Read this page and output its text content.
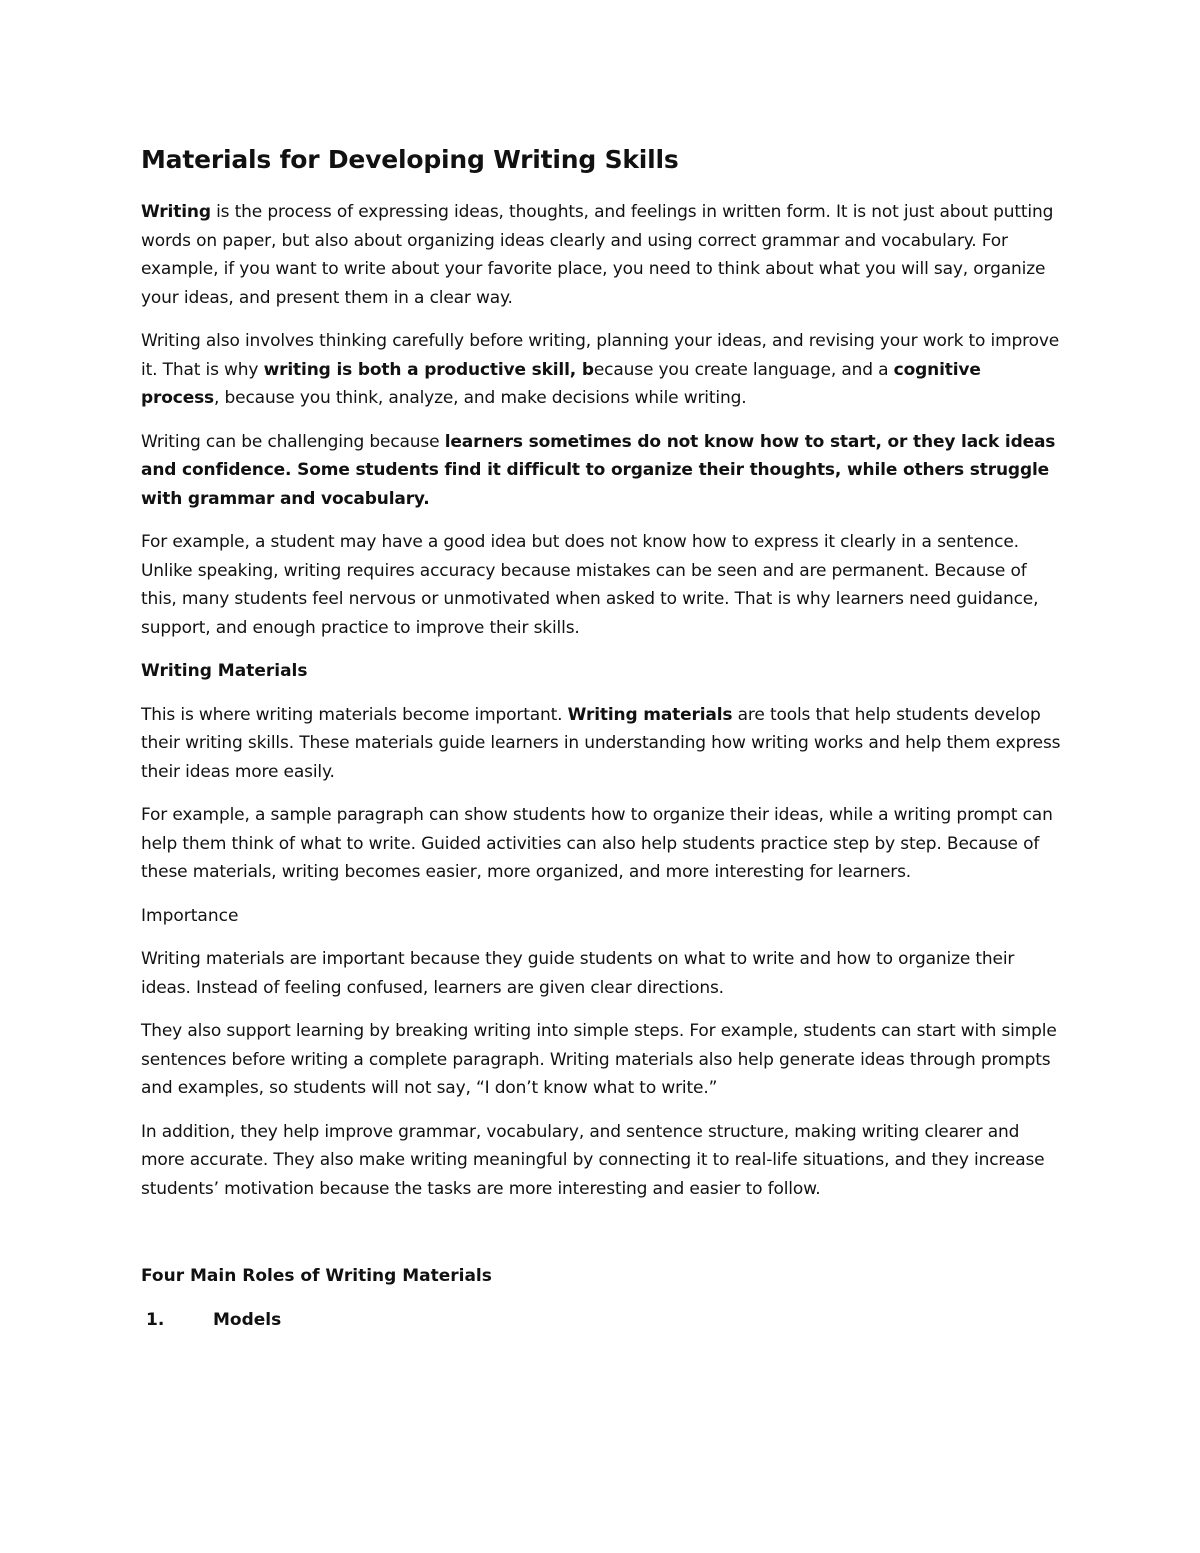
Materials for Developing Writing Skills

Writing is the process of expressing ideas, thoughts, and feelings in written form. It is not just about putting words on paper, but also about organizing ideas clearly and using correct grammar and vocabulary. For example, if you want to write about your favorite place, you need to think about what you will say, organize your ideas, and present them in a clear way.

Writing also involves thinking carefully before writing, planning your ideas, and revising your work to improve it. That is why writing is both a productive skill, because you create language, and a cognitive process, because you think, analyze, and make decisions while writing.

Writing can be challenging because learners sometimes do not know how to start, or they lack ideas and confidence. Some students find it difficult to organize their thoughts, while others struggle with grammar and vocabulary.

For example, a student may have a good idea but does not know how to express it clearly in a sentence. Unlike speaking, writing requires accuracy because mistakes can be seen and are permanent. Because of this, many students feel nervous or unmotivated when asked to write. That is why learners need guidance, support, and enough practice to improve their skills.

Writing Materials

This is where writing materials become important. Writing materials are tools that help students develop their writing skills. These materials guide learners in understanding how writing works and help them express their ideas more easily.

For example, a sample paragraph can show students how to organize their ideas, while a writing prompt can help them think of what to write. Guided activities can also help students practice step by step. Because of these materials, writing becomes easier, more organized, and more interesting for learners.

Importance

Writing materials are important because they guide students on what to write and how to organize their ideas. Instead of feeling confused, learners are given clear directions.

They also support learning by breaking writing into simple steps. For example, students can start with simple sentences before writing a complete paragraph. Writing materials also help generate ideas through prompts and examples, so students will not say, “I don’t know what to write.”

In addition, they help improve grammar, vocabulary, and sentence structure, making writing clearer and more accurate. They also make writing meaningful by connecting it to real-life situations, and they increase students’ motivation because the tasks are more interesting and easier to follow.

Four Main Roles of Writing Materials
1.	Models
